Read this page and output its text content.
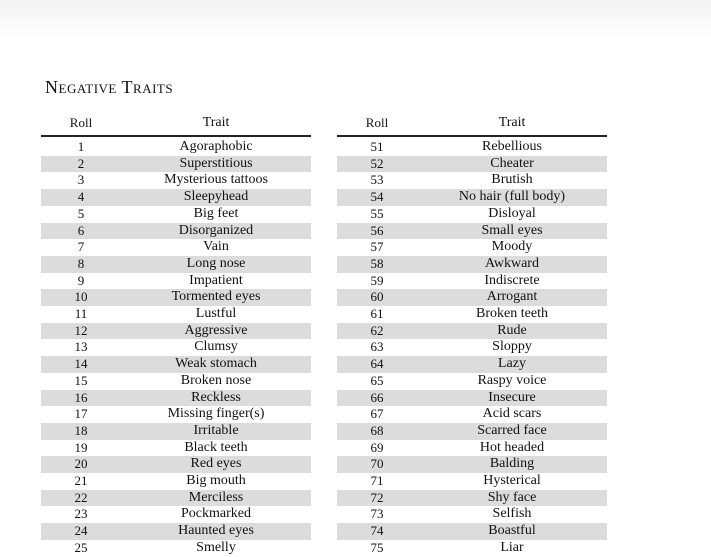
Negative Traits
Roll	Trait

1	Agoraphobic
2	Superstitious
3	Mysterious tattoos
4	Sleepyhead
5	Big feet
6	Disorganized
7	Vain
8	Long nose
9	Impatient
10	Tormented eyes
11	Lustful
12	Aggressive
13	Clumsy
14	Weak stomach
15	Broken nose
16	Reckless
17	Missing finger(s)
18	Irritable
19	Black teeth
20	Red eyes
21	Big mouth
22	Merciless
23	Pockmarked
24	Haunted eyes
25	Smelly
Roll	Trait

51	Rebellious
52	Cheater
53	Brutish
54	No hair (full body)
55	Disloyal
56	Small eyes
57	Moody
58	Awkward
59	Indiscrete
60	Arrogant
61	Broken teeth
62	Rude
63	Sloppy
64	Lazy
65	Raspy voice
66	Insecure
67	Acid scars
68	Scarred face
69	Hot headed
70	Balding
71	Hysterical
72	Shy face
73	Selfish
74	Boastful
75	Liar
